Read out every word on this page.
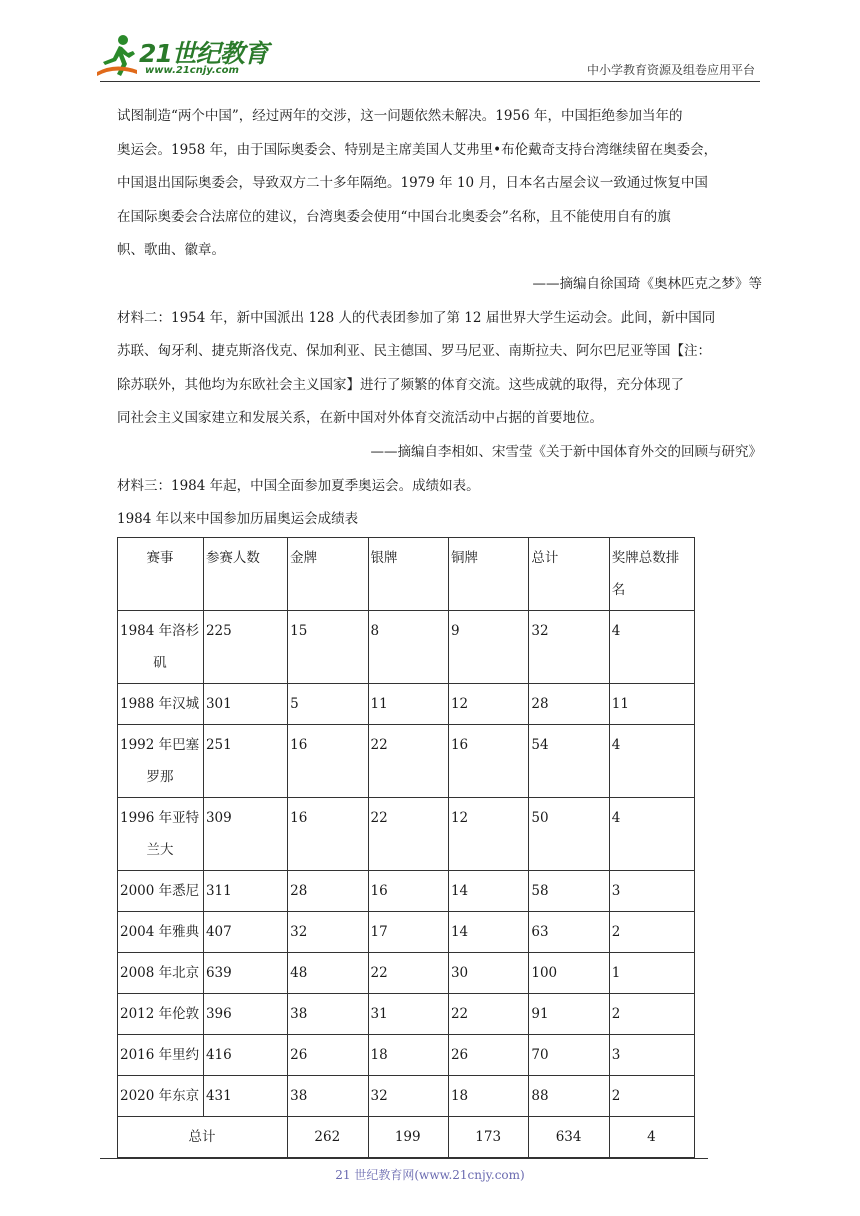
21世纪教育
www.21cnjy.com	中小学教育资源及组卷应用平台

试图制造“两个中国”，经过两年的交涉，这一问题依然未解决。1956 年，中国拒绝参加当年的

奥运会。1958 年，由于国际奥委会、特别是主席美国人艾弗里•布伦戴奇支持台湾继续留在奥委会，

中国退出国际奥委会，导致双方二十多年隔绝。1979 年 10 月，日本名古屋会议一致通过恢复中国

在国际奥委会合法席位的建议，台湾奥委会使用“中国台北奥委会”名称，且不能使用自有的旗

帜、歌曲、徽章。

——摘编自徐国琦《奥林匹克之梦》等

材料二：1954 年，新中国派出 128 人的代表团参加了第 12 届世界大学生运动会。此间，新中国同

苏联、匈牙利、捷克斯洛伐克、保加利亚、民主德国、罗马尼亚、南斯拉夫、阿尔巴尼亚等国【注：

除苏联外，其他均为东欧社会主义国家】进行了频繁的体育交流。这些成就的取得，充分体现了

同社会主义国家建立和发展关系，在新中国对外体育交流活动中占据的首要地位。

——摘编自李相如、宋雪莹《关于新中国体育外交的回顾与研究》

材料三：1984 年起，中国全面参加夏季奥运会。成绩如表。

1984 年以来中国参加历届奥运会成绩表

赛事	参赛人数	金牌	银牌	铜牌	总计	奖牌总数排
名

1984 年洛杉
矶	225	15	8	9	32	4
1988 年汉城	301	5	11	12	28	11

1992 年巴塞
罗那	251	16	22	16	54	4

1996 年亚特
兰大	309	16	22	12	50	4
2000 年悉尼	311	28	16	14	58	3
2004 年雅典	407	32	17	14	63	2
2008 年北京	639	48	22	30	100	1
2012 年伦敦	396	38	31	22	91	2
2016 年里约	416	26	18	26	70	3
2020 年东京	431	38	32	18	88	2
总计		262	199	173	634	4
21 世纪教育网(www.21cnjy.com)
